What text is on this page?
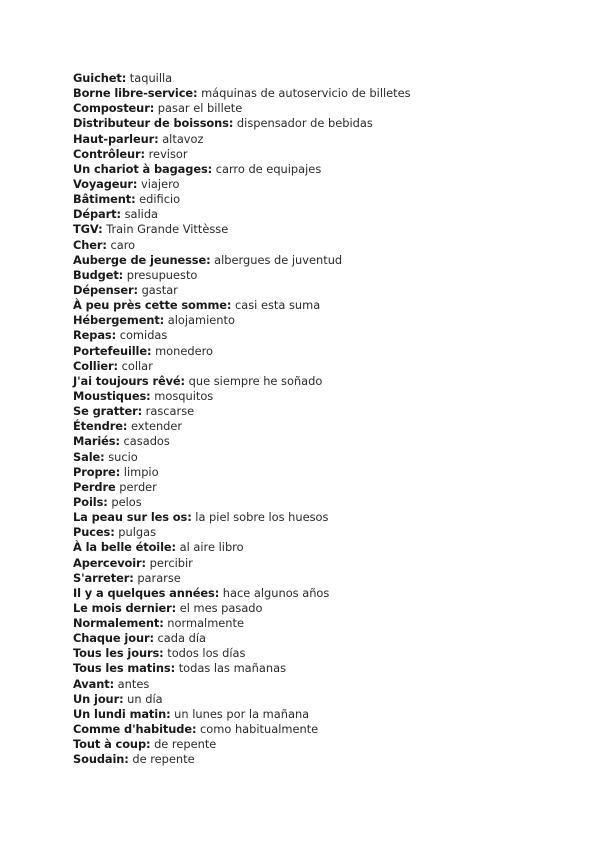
Guichet: taquilla
Borne libre-service: máquinas de autoservicio de billetes
Composteur: pasar el billete
Distributeur de boissons: dispensador de bebidas
Haut-parleur: altavoz
Contrôleur: revisor
Un chariot à bagages: carro de equipajes
Voyageur: viajero
Bâtiment: edificio
Départ: salida
TGV: Train Grande Vittèsse
Cher: caro
Auberge de jeunesse: albergues de juventud
Budget: presupuesto
Dépenser: gastar
À peu près cette somme: casi esta suma
Hébergement: alojamiento
Repas: comidas
Portefeuille: monedero
Collier: collar
J'ai toujours rêvé: que siempre he soñado
Moustiques: mosquitos
Se gratter: rascarse
Étendre: extender
Mariés: casados
Sale: sucio
Propre: limpio
Perdre perder
Poils: pelos
La peau sur les os: la piel sobre los huesos
Puces: pulgas
À la belle étoile: al aire libro
Apercevoir: percibir
S'arreter: pararse
Il y a quelques années: hace algunos años
Le mois dernier: el mes pasado
Normalement: normalmente
Chaque jour: cada día
Tous les jours: todos los días
Tous les matins: todas las mañanas
Avant: antes
Un jour: un día
Un lundi matin: un lunes por la mañana
Comme d'habitude: como habitualmente
Tout à coup: de repente
Soudain: de repente
